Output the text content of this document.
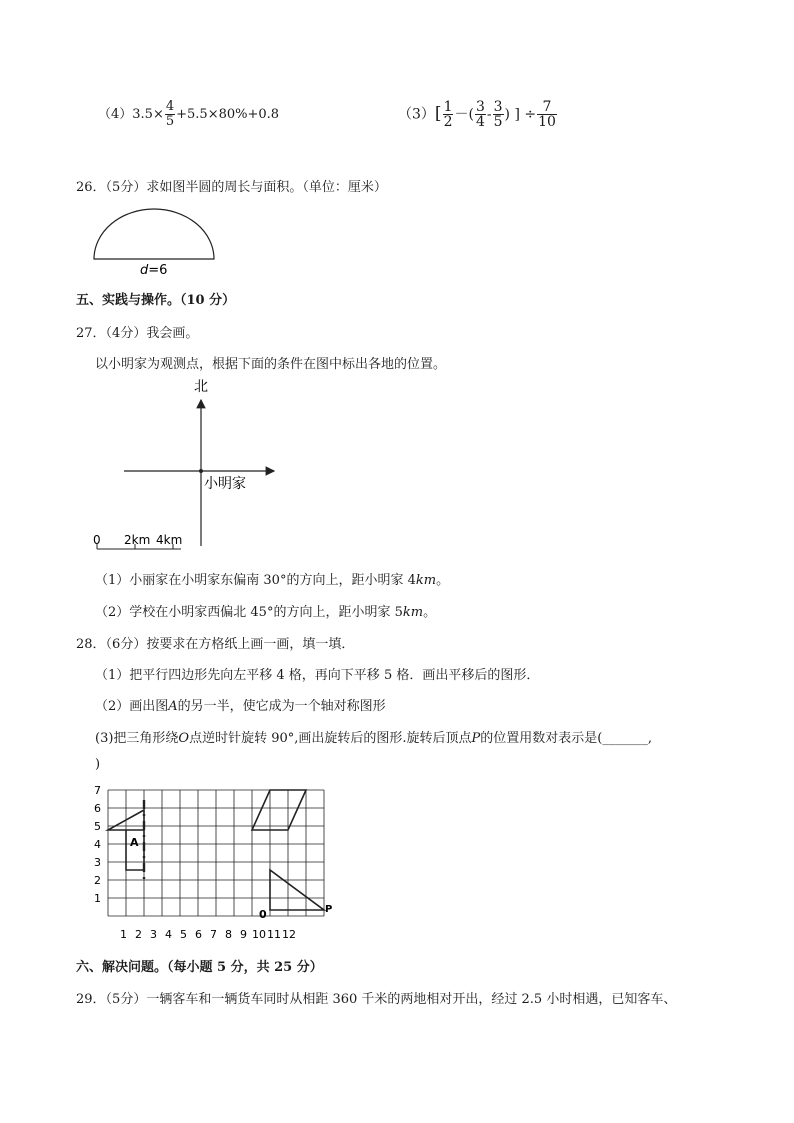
$(4)3.5\times \frac{4}{5} +5.5\times 80\%+0.8$	$(3)[ \frac{1}{2}$ －( $\frac{3}{4} - \frac{3}{5}$ ) ] ÷ $\frac{7}{10}$
26．（5分）求如图半圆的周长与面积。（单位：厘米）
d=6
五、实践与操作。（10 分）
27．（4分）我会画。
以小明家为观测点，根据下面的条件在图中标出各地的位置。
北
小明家
0 2km 4km
（1）小丽家在小明家东偏南 30°的方向上，距小明家 4km。
（2）学校在小明家西偏北 45°的方向上，距小明家 5km。
28．（6分）按要求在方格纸上画一画，填一填．
（1）把平行四边形先向左平移 4 格，再向下平移 5 格．画出平移后的图形．
（2）画出图A的另一半，使它成为一个轴对称图形
(3)把三角形绕O点逆时针旋转 90°,画出旋转后的图形.旋转后顶点P的位置用数对表示是(_______,
)
7
6
5
4
3
2
1
1 2 3 4 5 6 7 8 9 10 11 12
A
0	P
六、解决问题。（每小题 5 分，共 25 分）
29．（5分）一辆客车和一辆货车同时从相距 360 千米的两地相对开出，经过 2.5 小时相遇，已知客车、
